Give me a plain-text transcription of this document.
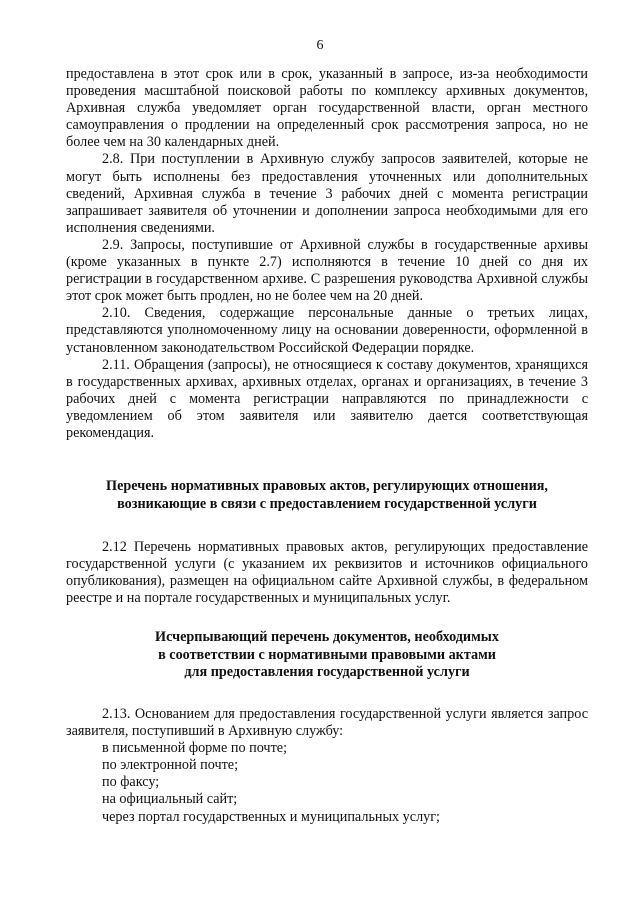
6

предоставлена в этот срок или в срок, указанный в запросе, из-за необходимости проведения масштабной поисковой работы по комплексу архивных документов, Архивная служба уведомляет орган государственной власти, орган местного самоуправления о продлении на определенный срок рассмотрения запроса, но не более чем на 30 календарных дней.

2.8. При поступлении в Архивную службу запросов заявителей, которые не могут быть исполнены без предоставления уточненных или дополнительных сведений, Архивная служба в течение 3 рабочих дней с момента регистрации запрашивает заявителя об уточнении и дополнении запроса необходимыми для его исполнения сведениями.

2.9. Запросы, поступившие от Архивной службы в государственные архивы (кроме указанных в пункте 2.7) исполняются в течение 10 дней со дня их регистрации в государственном архиве. С разрешения руководства Архивной службы этот срок может быть продлен, но не более чем на 20 дней.

2.10. Сведения, содержащие персональные данные о третьих лицах, представляются уполномоченному лицу на основании доверенности, оформленной в установленном законодательством Российской Федерации порядке.

2.11. Обращения (запросы), не относящиеся к составу документов, хранящихся в государственных архивах, архивных отделах, органах и организациях, в течение 3 рабочих дней с момента регистрации направляются по принадлежности с уведомлением об этом заявителя или заявителю дается соответствующая рекомендация.

Перечень нормативных правовых актов, регулирующих отношения,
возникающие в связи с предоставлением государственной услуги

2.12 Перечень нормативных правовых актов, регулирующих предоставление государственной услуги (с указанием их реквизитов и источников официального опубликования), размещен на официальном сайте Архивной службы, в федеральном реестре и на портале государственных и муниципальных услуг.

Исчерпывающий перечень документов, необходимых
в соответствии с нормативными правовыми актами
для предоставления государственной услуги

2.13. Основанием для предоставления государственной услуги является запрос заявителя, поступивший в Архивную службу:

в письменной форме по почте;
по электронной почте;
по факсу;
на официальный сайт;
через портал государственных и муниципальных услуг;
